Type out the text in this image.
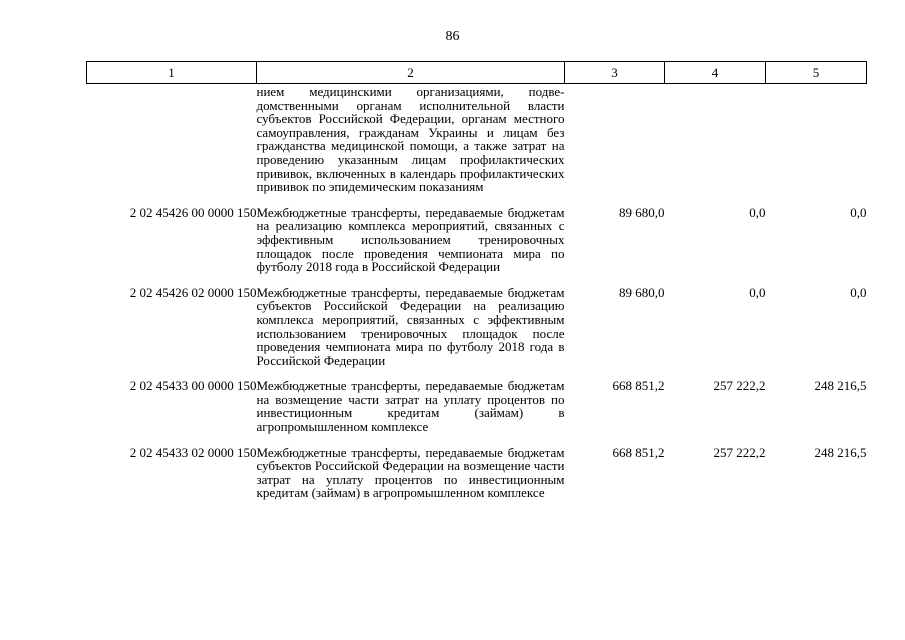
86
1	2	3	4	5
	нием медицинскими организациями, подведомственными органам исполнительной власти субъектов Российской Федерации, органам местного самоуправления, гражданам Украины и лицам без гражданства медицинской помощи, а также затрат на проведению указанным лицам профилактических прививок, включенных в календарь профилактических прививок по эпидемическим показаниям			
2 02 45426 00 0000 150	Межбюджетные трансферты, передаваемые бюджетам на реализацию комплекса мероприятий, связанных с эффективным использованием тренировочных площадок после проведения чемпионата мира по футболу 2018 года в Российской Федерации	89 680,0	0,0	0,0
2 02 45426 02 0000 150	Межбюджетные трансферты, передаваемые бюджетам субъектов Российской Федерации на реализацию комплекса мероприятий, связанных с эффективным использованием тренировочных площадок после проведения чемпионата мира по футболу 2018 года в Российской Федерации	89 680,0	0,0	0,0
2 02 45433 00 0000 150	Межбюджетные трансферты, передаваемые бюджетам на возмещение части затрат на уплату процентов по инвестиционным кредитам (займам) в агропромышленном комплексе	668 851,2	257 222,2	248 216,5
2 02 45433 02 0000 150	Межбюджетные трансферты, передаваемые бюджетам субъектов Российской Федерации на возмещение части затрат на уплату процентов по инвестиционным кредитам (займам) в агропромышленном комплексе	668 851,2	257 222,2	248 216,5
